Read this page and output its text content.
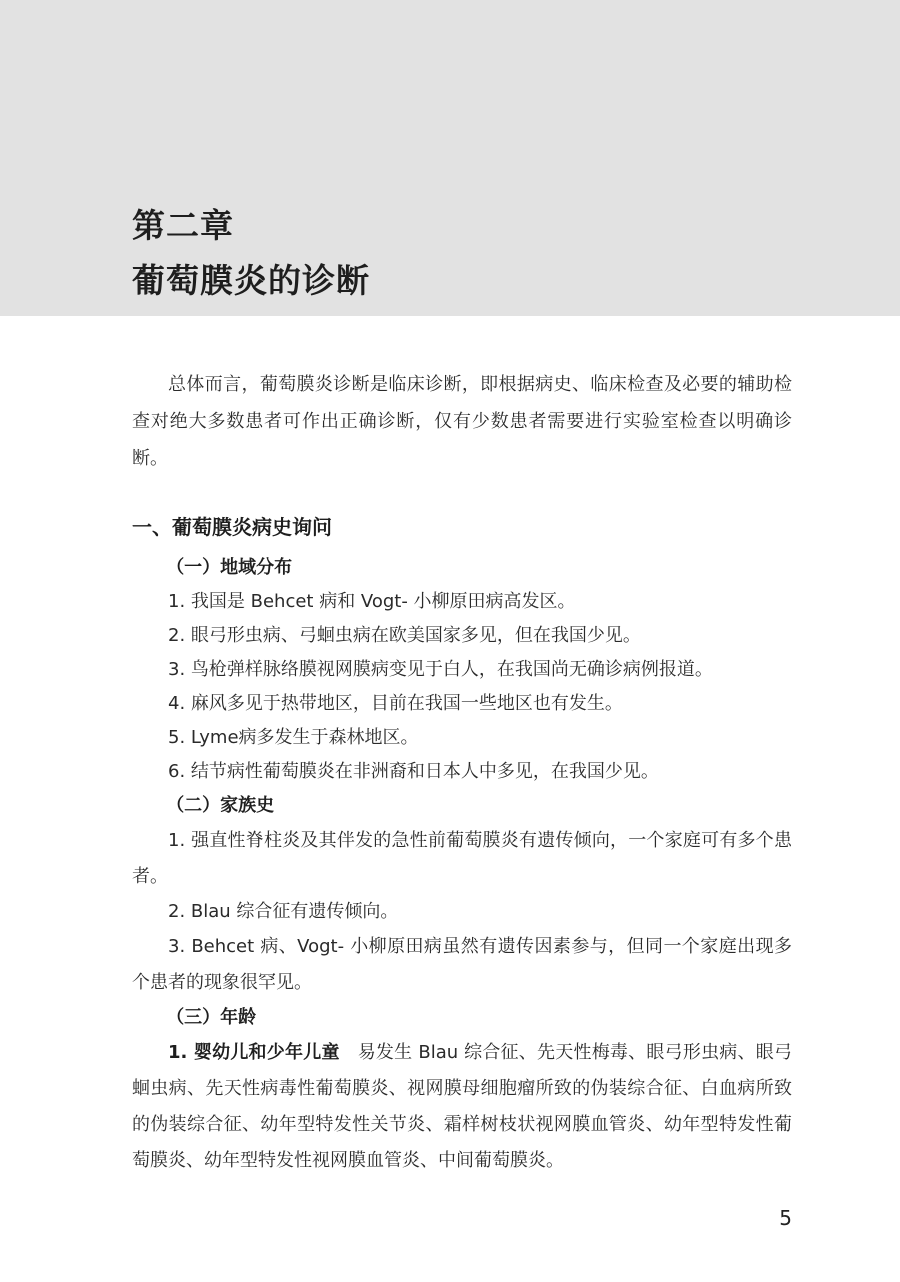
第二章
葡萄膜炎的诊断

总体而言，葡萄膜炎诊断是临床诊断，即根据病史、临床检查及必要的辅助检查对绝大多数患者可作出正确诊断，仅有少数患者需要进行实验室检查以明确诊断。

一、葡萄膜炎病史询问

（一）地域分布

1. 我国是 Behcet 病和 Vogt- 小柳原田病高发区。

2. 眼弓形虫病、弓蛔虫病在欧美国家多见，但在我国少见。

3. 鸟枪弹样脉络膜视网膜病变见于白人，在我国尚无确诊病例报道。

4. 麻风多见于热带地区，目前在我国一些地区也有发生。

5. Lyme病多发生于森林地区。

6. 结节病性葡萄膜炎在非洲裔和日本人中多见，在我国少见。

（二）家族史

1. 强直性脊柱炎及其伴发的急性前葡萄膜炎有遗传倾向，一个家庭可有多个患者。

2. Blau 综合征有遗传倾向。

3. Behcet 病、Vogt- 小柳原田病虽然有遗传因素参与，但同一个家庭出现多个患者的现象很罕见。

（三）年龄

1. 婴幼儿和少年儿童 易发生 Blau 综合征、先天性梅毒、眼弓形虫病、眼弓蛔虫病、先天性病毒性葡萄膜炎、视网膜母细胞瘤所致的伪装综合征、白血病所致的伪装综合征、幼年型特发性关节炎、霜样树枝状视网膜血管炎、幼年型特发性葡萄膜炎、幼年型特发性视网膜血管炎、中间葡萄膜炎。

5
